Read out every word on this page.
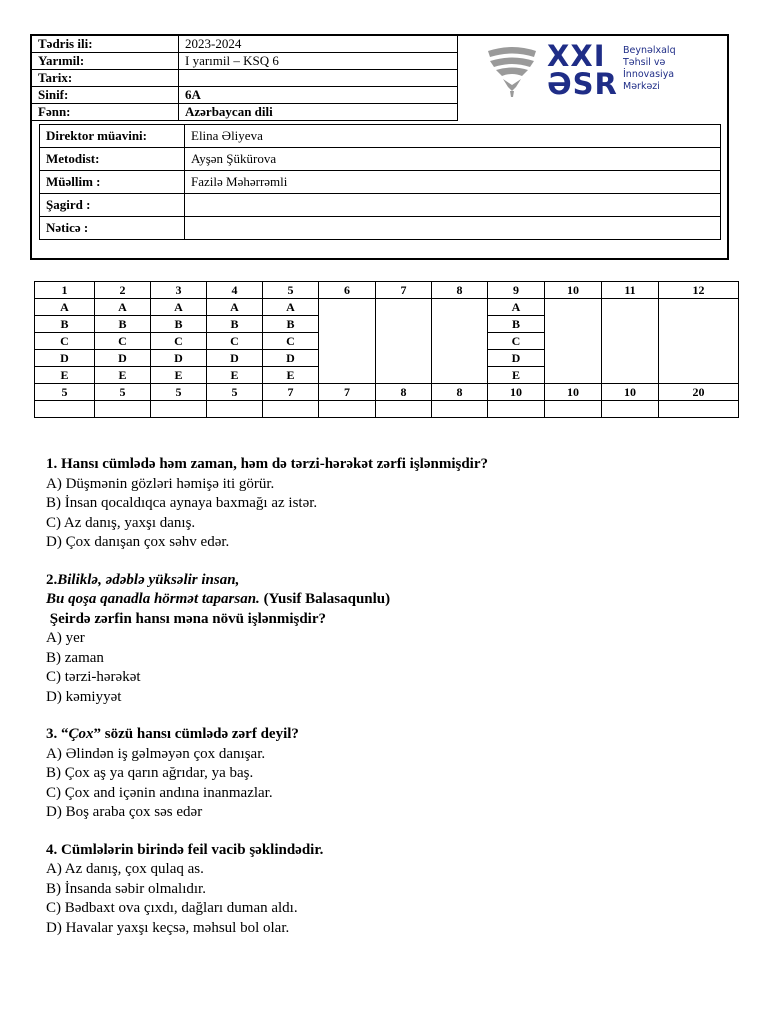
Tədris ili:	2023-2024
Yarımil:	I yarımil – KSQ 6
Tarix:	
Sinif:	6A
Fənn:	Azərbaycan dili
Direktor müavini:	Elina Əliyeva
Metodist:	Ayşən Şükürova
Müəllim :	Fazilə Məhərrəmli
Şagird :	
Nəticə :	
XXI
ƏSR
Beynəlxalq
Təhsil və
İnnovasiya
Mərkəzi
1	2	3	4	5	6	7	8	9	10	11	12
A	A	A	A	A				A			
B	B	B	B	B				B			
C	C	C	C	C				C			
D	D	D	D	D				D			
E	E	E	E	E				E			
5	5	5	5	7	7	8	8	10	10	10	20

1. Hansı cümlədə həm zaman, həm də tərzi-hərəkət zərfi işlənmişdir?

A) Düşmənin gözləri həmişə iti görür.

B) İnsan qocaldıqca aynaya baxmağı az istər.

C) Az danış, yaxşı danış.

D) Çox danışan çox səhv edər.

2.Biliklə, ədəblə yüksəlir insan,

Bu qoşa qanadla hörmət taparsan. (Yusif Balasaqunlu)

Şeirdə zərfin hansı məna növü işlənmişdir?

A) yer

B) zaman

C) tərzi-hərəkət

D) kəmiyyət

3. “Çox” sözü hansı cümlədə zərf deyil?

A) Əlindən iş gəlməyən çox danışar.

B) Çox aş ya qarın ağrıdar, ya baş.

C) Çox and içənin andına inanmazlar.

D) Boş araba çox səs edər

4. Cümlələrin birində feil vacib şəklindədir.

A) Az danış, çox qulaq as.

B) İnsanda səbir olmalıdır.

C) Bədbaxt ova çıxdı, dağları duman aldı.

D) Havalar yaxşı keçsə, məhsul bol olar.
